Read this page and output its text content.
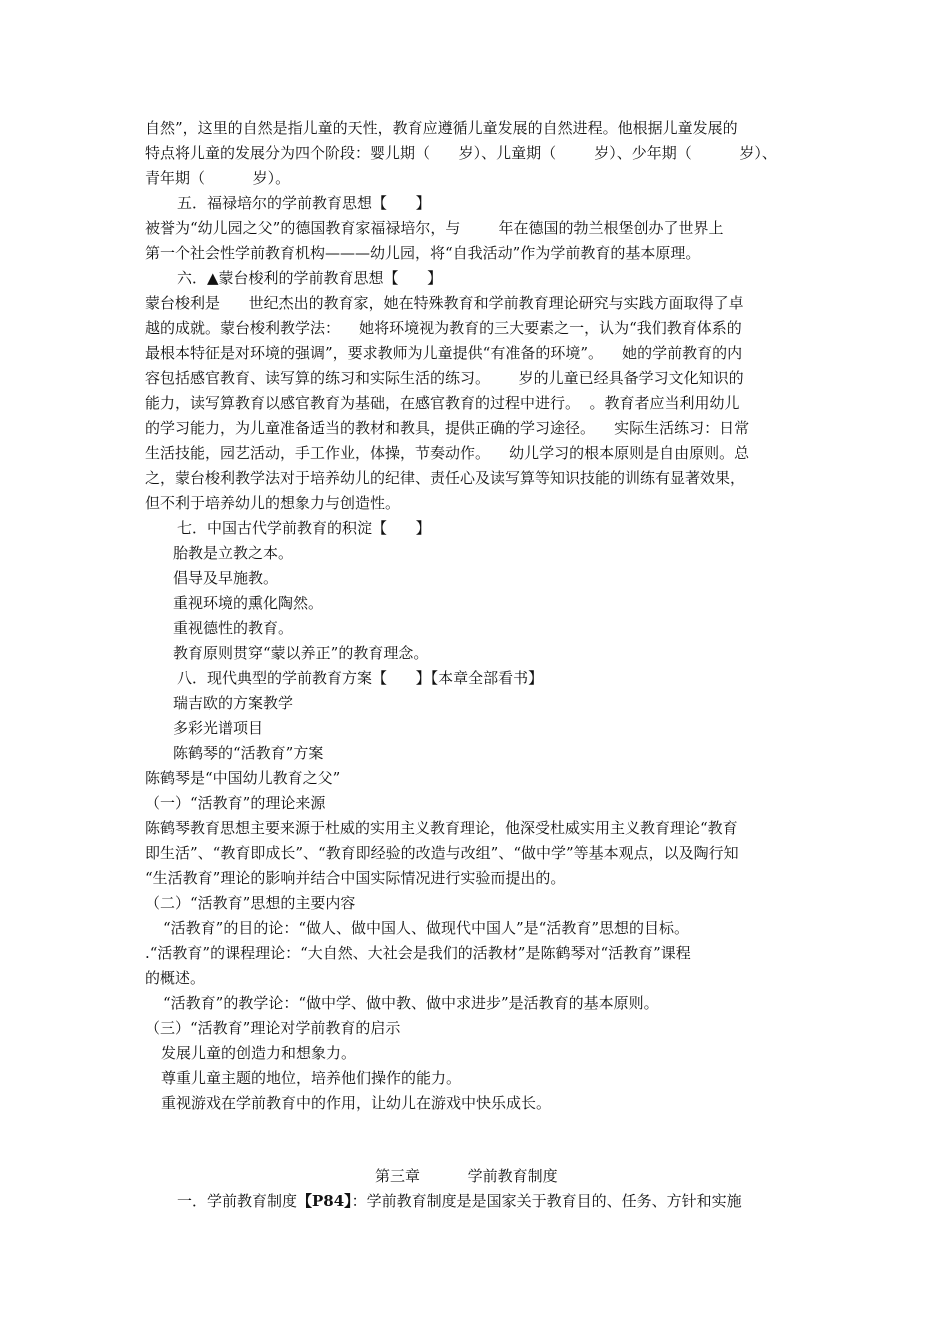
自然”，这里的自然是指儿童的天性，教育应遵循儿童发展的自然进程。他根据儿童发展的
特点将儿童的发展分为四个阶段：婴儿期（      岁）、儿童期（        岁）、少年期（          岁）、
青年期（          岁）。
五．福禄培尔的学前教育思想【      】
被誉为“幼儿园之父”的德国教育家福禄培尔，与        年在德国的勃兰根堡创办了世界上
第一个社会性学前教育机构———幼儿园，将“自我活动”作为学前教育的基本原理。
六．▲蒙台梭利的学前教育思想【      】
蒙台梭利是      世纪杰出的教育家，她在特殊教育和学前教育理论研究与实践方面取得了卓
越的成就。蒙台梭利教学法：    她将环境视为教育的三大要素之一，认为“我们教育体系的
最根本特征是对环境的强调”，要求教师为儿童提供“有准备的环境”。    她的学前教育的内
容包括感官教育、读写算的练习和实际生活的练习。      岁的儿童已经具备学习文化知识的
能力，读写算教育以感官教育为基础，在感官教育的过程中进行。  。教育者应当利用幼儿
的学习能力，为儿童准备适当的教材和教具，提供正确的学习途径。    实际生活练习：日常
生活技能，园艺活动，手工作业，体操，节奏动作。    幼儿学习的根本原则是自由原则。总
之，蒙台梭利教学法对于培养幼儿的纪律、责任心及读写算等知识技能的训练有显著效果，
但不利于培养幼儿的想象力与创造性。
七．中国古代学前教育的积淀【      】
胎教是立教之本。
倡导及早施教。
重视环境的熏化陶然。
重视德性的教育。
教育原则贯穿“蒙以养正”的教育理念。
八．现代典型的学前教育方案【      】【本章全部看书】
瑞吉欧的方案教学
多彩光谱项目
陈鹤琴的“活教育”方案
陈鹤琴是“中国幼儿教育之父”
（一）“活教育”的理论来源
陈鹤琴教育思想主要来源于杜威的实用主义教育理论，他深受杜威实用主义教育理论“教育
即生活”、“教育即成长”、“教育即经验的改造与改组”、“做中学”等基本观点，以及陶行知
“生活教育”理论的影响并结合中国实际情况进行实验而提出的。
（二）“活教育”思想的主要内容
“活教育”的目的论：“做人、做中国人、做现代中国人”是“活教育”思想的目标。
.“活教育”的课程理论：“大自然、大社会是我们的活教材”是陈鹤琴对“活教育”课程
的概述。
“活教育”的教学论：“做中学、做中教、做中求进步”是活教育的基本原则。
（三）“活教育”理论对学前教育的启示
发展儿童的创造力和想象力。
尊重儿童主题的地位，培养他们操作的能力。
重视游戏在学前教育中的作用，让幼儿在游戏中快乐成长。
第三章          学前教育制度
一．学前教育制度【P84】：学前教育制度是是国家关于教育目的、任务、方针和实施
